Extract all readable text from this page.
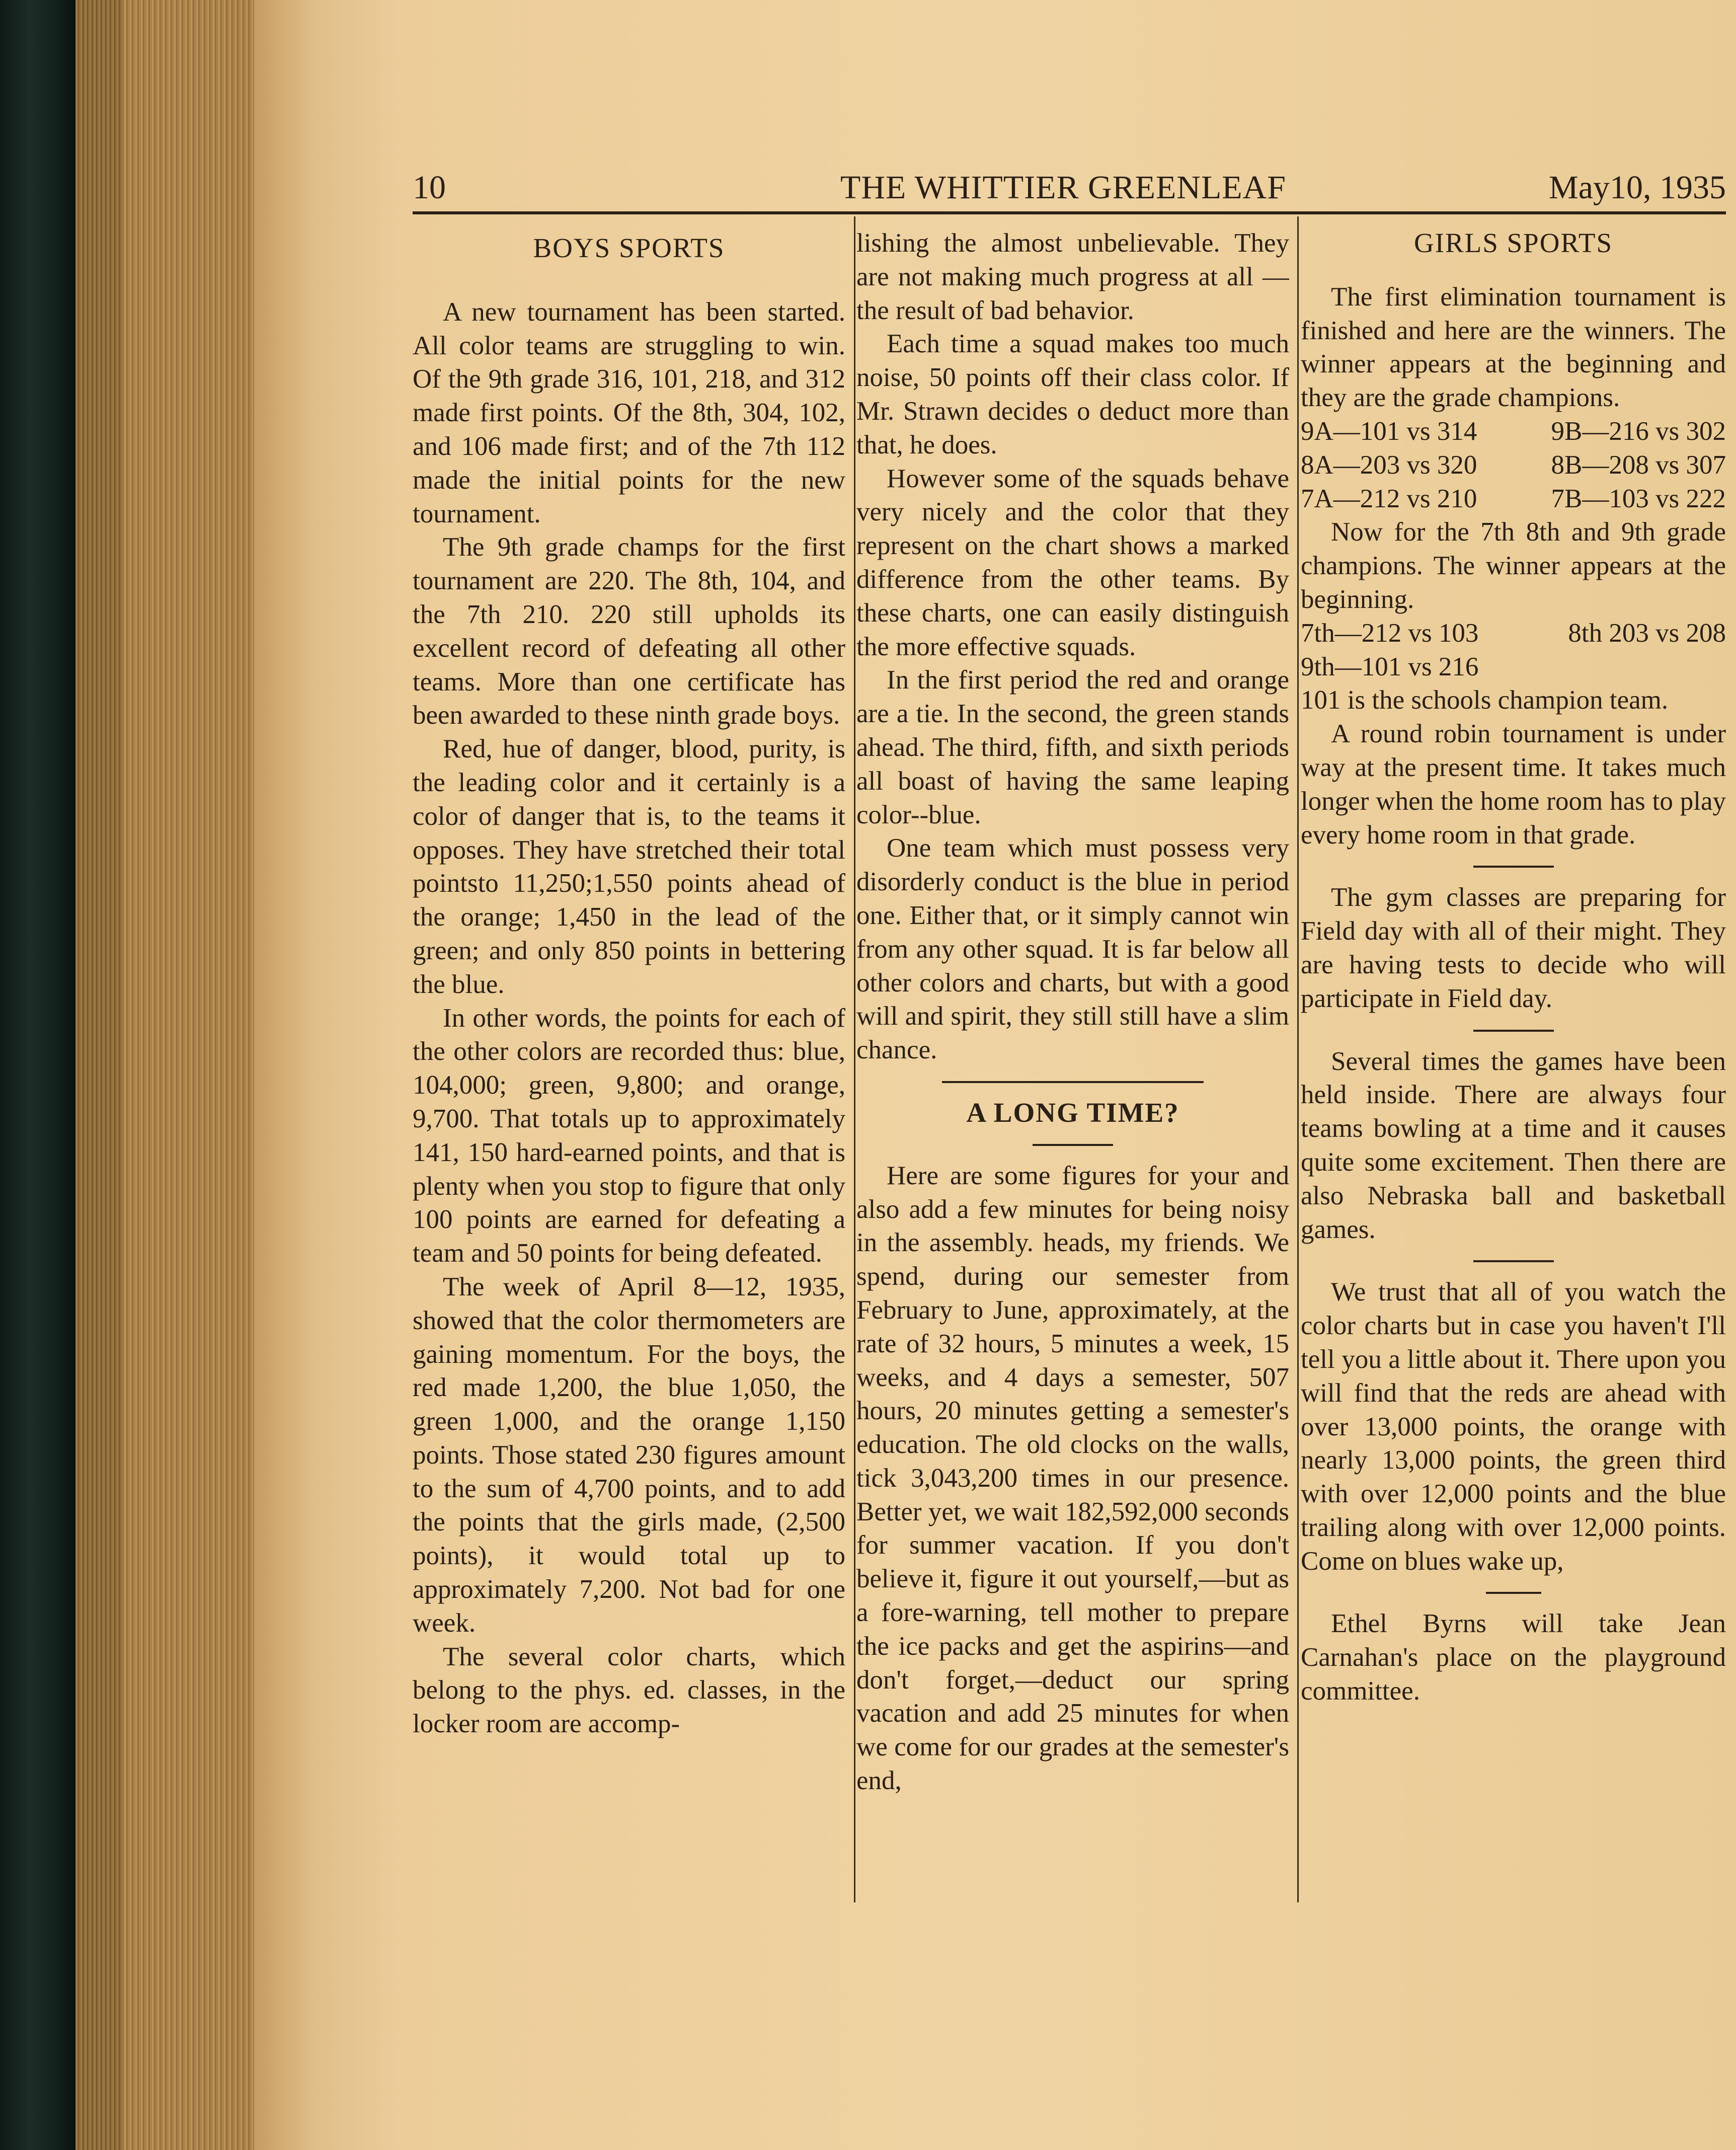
10	THE WHITTIER GREENLEAF	May10, 1935
BOYS SPORTS

A new tournament has been started. All color teams are struggling to win. Of the 9th grade 316, 101, 218, and 312 made first points. Of the 8th, 304, 102, and 106 made first; and of the 7th 112 made the initial points for the new tournament.

The 9th grade champs for the first tournament are 220. The 8th, 104, and the 7th 210. 220 still upholds its excellent record of defeating all other teams. More than one certificate has been awarded to these ninth grade boys.

Red, hue of danger, blood, purity, is the leading color and it certainly is a color of danger that is, to the teams it opposes. They have stretched their total pointsto 11,250;1,550 points ahead of the orange; 1,450 in the lead of the green; and only 850 points in bettering the blue.

In other words, the points for each of the other colors are recorded thus: blue, 104,000; green, 9,800; and orange, 9,700. That totals up to approximately 141, 150 hard-earned points, and that is plenty when you stop to figure that only 100 points are earned for defeating a team and 50 points for being defeated.

The week of April 8—12, 1935, showed that the color thermometers are gaining momentum. For the boys, the red made 1,200, the blue 1,050, the green 1,000, and the orange 1,150 points. Those stated 230 figures amount to the sum of 4,700 points, and to add the points that the girls made, (2,500 points), it would total up to approximately 7,200. Not bad for one week.

The several color charts, which belong to the phys. ed. classes, in the locker room are accomp-

lishing the almost unbelievable. They are not making much progress at all — the result of bad behavior.

Each time a squad makes too much noise, 50 points off their class color. If Mr. Strawn decides o deduct more than that, he does.

However some of the squads behave very nicely and the color that they represent on the chart shows a marked difference from the other teams. By these charts, one can easily distinguish the more effective squads.

In the first period the red and orange are a tie. In the second, the green stands ahead. The third, fifth, and sixth periods all boast of having the same leaping color--blue.

One team which must possess very disorderly conduct is the blue in period one. Either that, or it simply cannot win from any other squad. It is far below all other colors and charts, but with a good will and spirit, they still still have a slim chance.

A LONG TIME?

Here are some figures for your and also add a few minutes for being noisy in the assembly. heads, my friends. We spend, during our semester from February to June, approximately, at the rate of 32 hours, 5 minutes a week, 15 weeks, and 4 days a semester, 507 hours, 20 minutes getting a semester's education. The old clocks on the walls, tick 3,043,200 times in our presence. Better yet, we wait 182,592,000 seconds for summer vacation. If you don't believe it, figure it out yourself,—but as a fore-warning, tell mother to prepare the ice packs and get the aspirins—and don't forget,—deduct our spring vacation and add 25 minutes for when we come for our grades at the semester's end,

GIRLS SPORTS

The first elimination tournament is finished and here are the winners. The winner appears at the beginning and they are the grade champions.

9A—101 vs 314	9B—216 vs 302
8A—203 vs 320	8B—208 vs 307
7A—212 vs 210	7B—103 vs 222

Now for the 7th 8th and 9th grade champions. The winner appears at the beginning.

7th—212 vs 103	8th 203 vs 208
9th—101 vs 216

101 is the schools champion team.

A round robin tournament is under way at the present time. It takes much longer when the home room has to play every home room in that grade.

The gym classes are preparing for Field day with all of their might. They are having tests to decide who will participate in Field day.

Several times the games have been held inside. There are always four teams bowling at a time and it causes quite some excitement. Then there are also Nebraska ball and basketball games.

We trust that all of you watch the color charts but in case you haven't I'll tell you a little about it. There upon you will find that the reds are ahead with over 13,000 points, the orange with nearly 13,000 points, the green third with over 12,000 points and the blue trailing along with over 12,000 points. Come on blues wake up,

Ethel Byrns will take Jean Carnahan's place on the playground committee.
